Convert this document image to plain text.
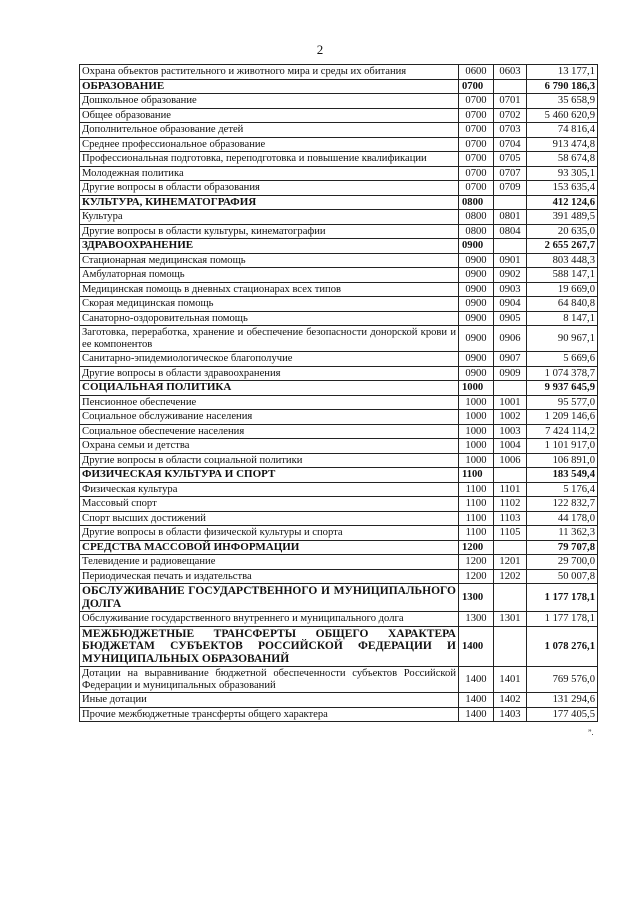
2
Охрана объектов растительного и животного мира и среды их обитания	0600	0603	13 177,1
ОБРАЗОВАНИЕ	0700		6 790 186,3
Дошкольное образование	0700	0701	35 658,9
Общее образование	0700	0702	5 460 620,9
Дополнительное образование детей	0700	0703	74 816,4
Среднее профессиональное образование	0700	0704	913 474,8
Профессиональная подготовка, переподготовка и повышение квалификации	0700	0705	58 674,8
Молодежная политика	0700	0707	93 305,1
Другие вопросы в области образования	0700	0709	153 635,4
КУЛЬТУРА, КИНЕМАТОГРАФИЯ	0800		412 124,6
Культура	0800	0801	391 489,5
Другие вопросы в области культуры, кинематографии	0800	0804	20 635,0
ЗДРАВООХРАНЕНИЕ	0900		2 655 267,7
Стационарная медицинская помощь	0900	0901	803 448,3
Амбулаторная помощь	0900	0902	588 147,1
Медицинская помощь в дневных стационарах всех типов	0900	0903	19 669,0
Скорая медицинская помощь	0900	0904	64 840,8
Санаторно-оздоровительная помощь	0900	0905	8 147,1
Заготовка, переработка, хранение и обеспечение безопасности донорской крови и ее компонентов	0900	0906	90 967,1
Санитарно-эпидемиологическое благополучие	0900	0907	5 669,6
Другие вопросы в области здравоохранения	0900	0909	1 074 378,7
СОЦИАЛЬНАЯ ПОЛИТИКА	1000		9 937 645,9
Пенсионное обеспечение	1000	1001	95 577,0
Социальное обслуживание населения	1000	1002	1 209 146,6
Социальное обеспечение населения	1000	1003	7 424 114,2
Охрана семьи и детства	1000	1004	1 101 917,0
Другие вопросы в области социальной политики	1000	1006	106 891,0
ФИЗИЧЕСКАЯ КУЛЬТУРА И СПОРТ	1100		183 549,4
Физическая культура	1100	1101	5 176,4
Массовый спорт	1100	1102	122 832,7
Спорт высших достижений	1100	1103	44 178,0
Другие вопросы в области физической культуры и спорта	1100	1105	11 362,3
СРЕДСТВА МАССОВОЙ ИНФОРМАЦИИ	1200		79 707,8
Телевидение и радиовещание	1200	1201	29 700,0
Периодическая печать и издательства	1200	1202	50 007,8
ОБСЛУЖИВАНИЕ ГОСУДАРСТВЕННОГО И МУНИЦИПАЛЬНОГО ДОЛГА	1300		1 177 178,1
Обслуживание государственного внутреннего и муниципального долга	1300	1301	1 177 178,1
МЕЖБЮДЖЕТНЫЕ ТРАНСФЕРТЫ ОБЩЕГО ХАРАКТЕРА БЮДЖЕТАМ СУБЪЕКТОВ РОССИЙСКОЙ ФЕДЕРАЦИИ И МУНИЦИПАЛЬНЫХ ОБРАЗОВАНИЙ	1400		1 078 276,1
Дотации на выравнивание бюджетной обеспеченности субъектов Российской Федерации и муниципальных образований	1400	1401	769 576,0
Иные дотации	1400	1402	131 294,6
Прочие межбюджетные трансферты общего характера	1400	1403	177 405,5
”.
